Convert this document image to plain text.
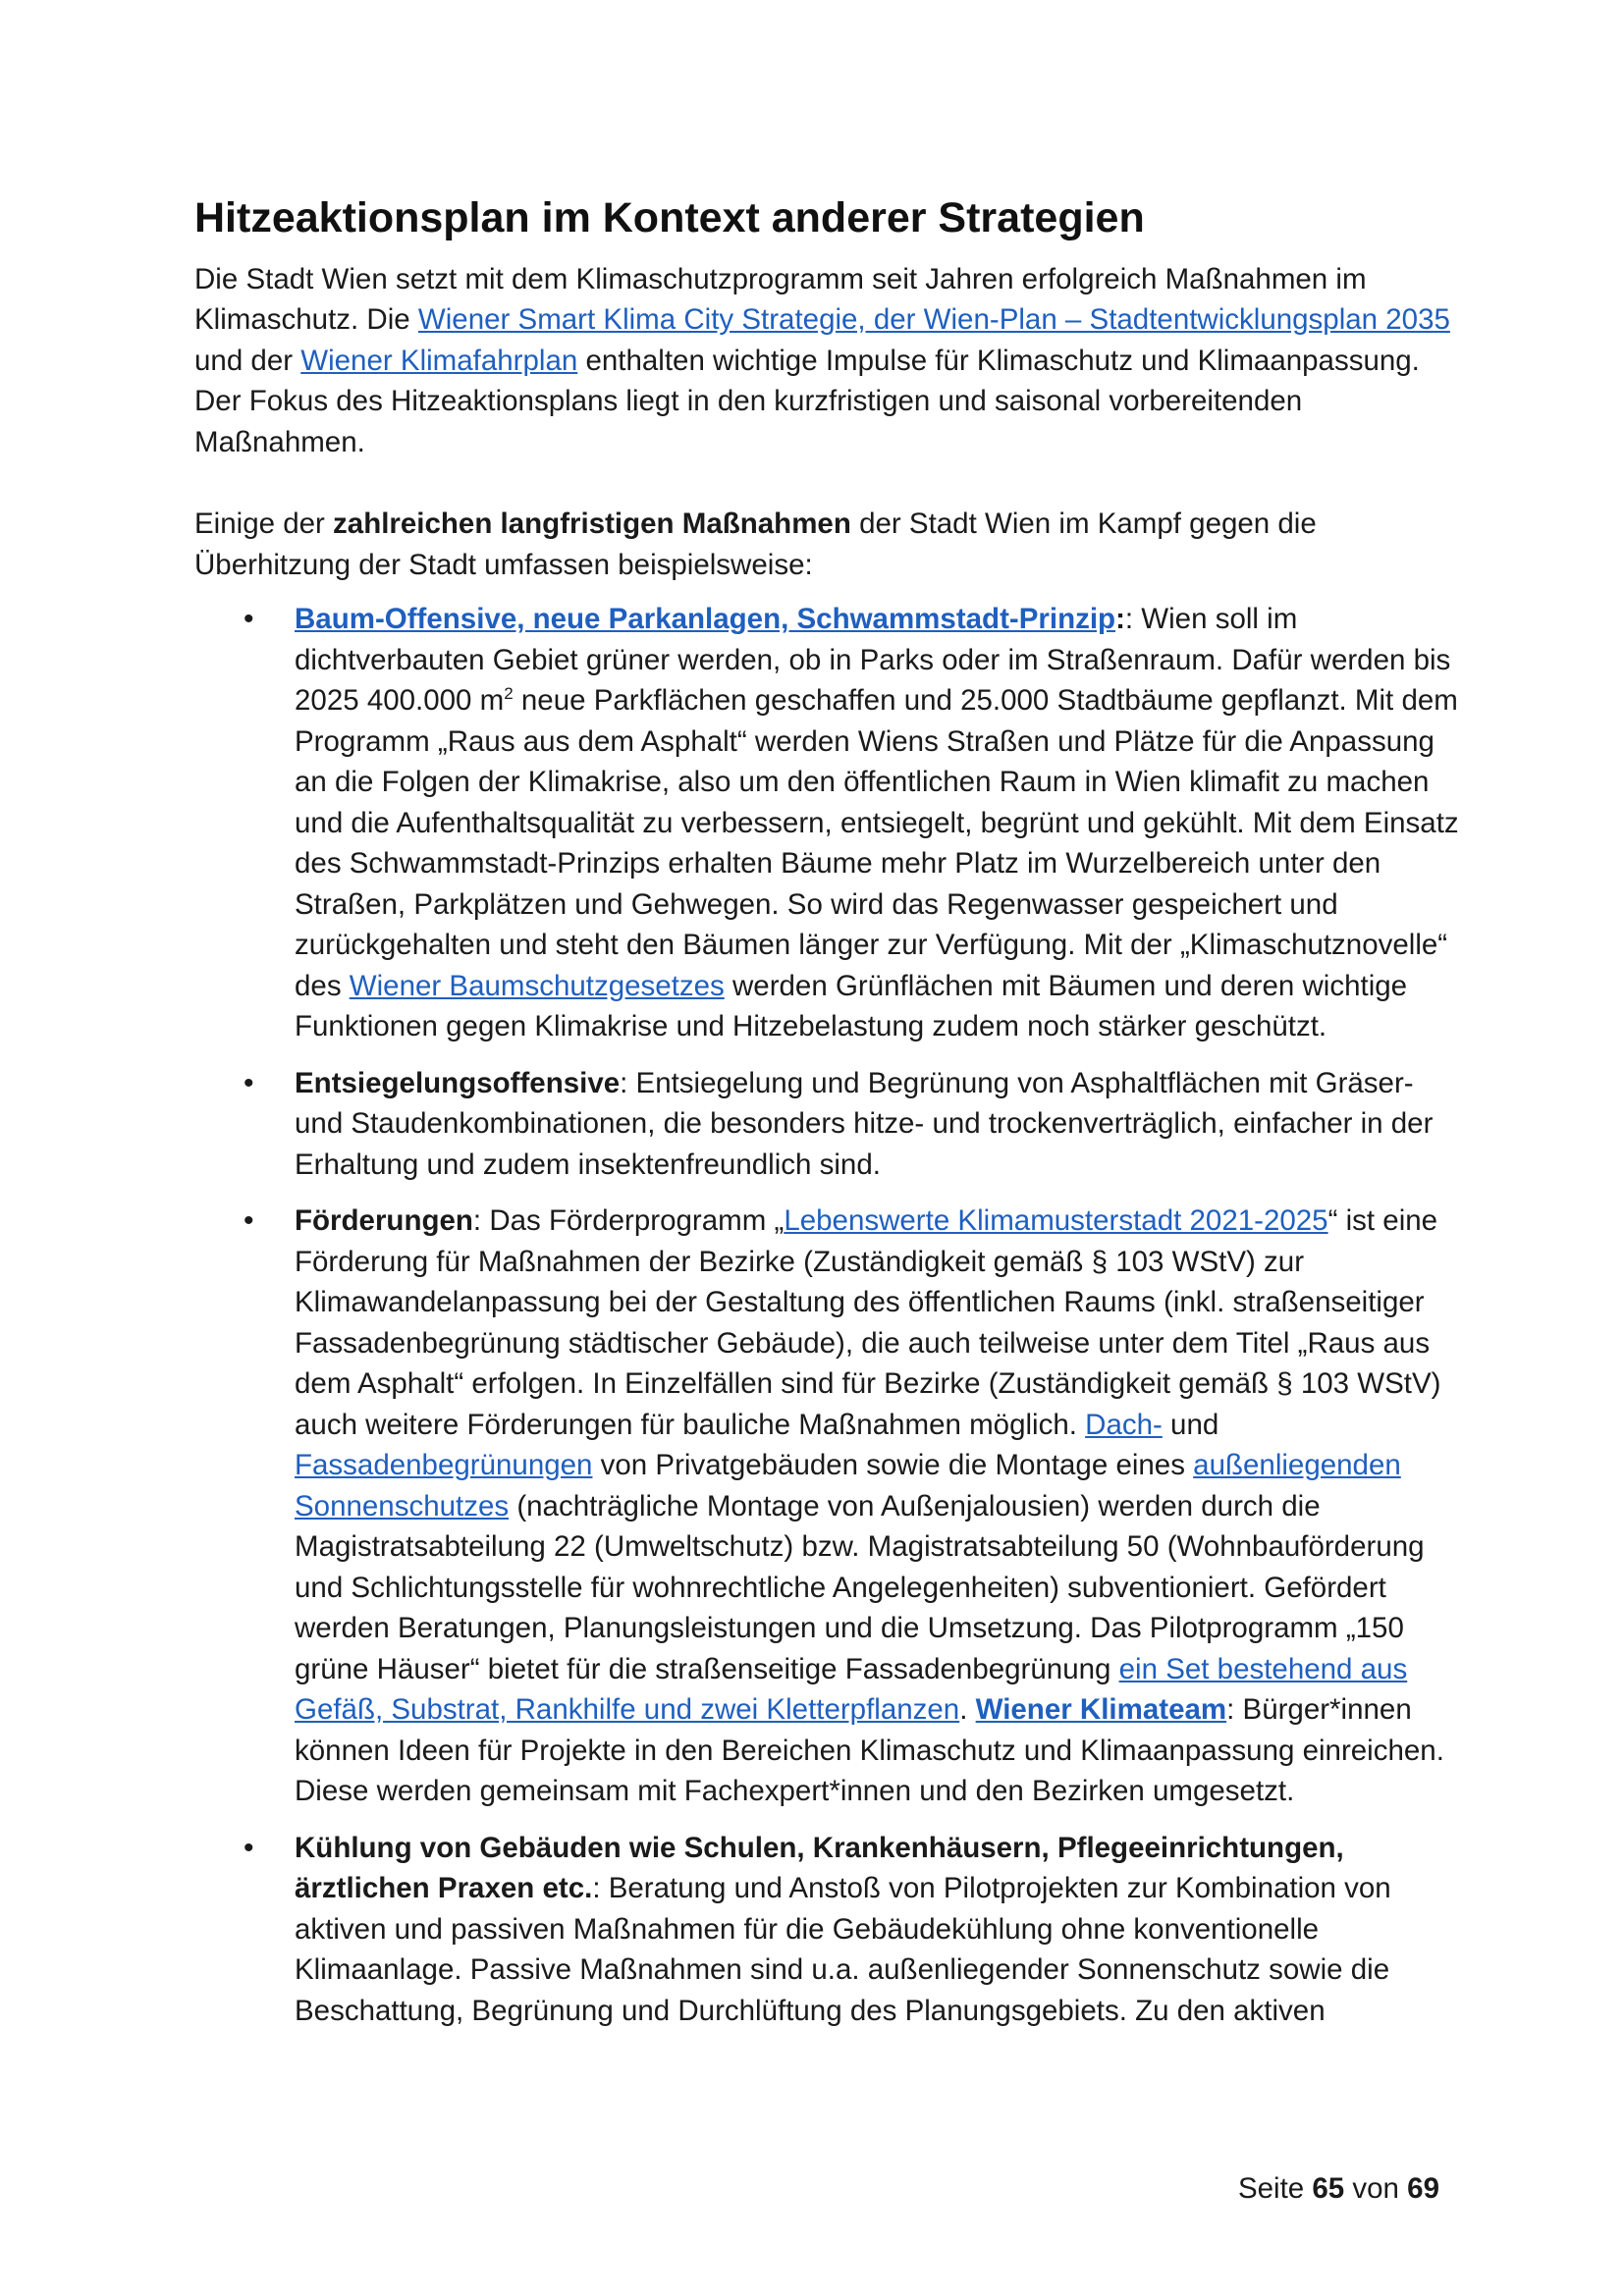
Hitzeaktionsplan im Kontext anderer Strategien

Die Stadt Wien setzt mit dem Klimaschutzprogramm seit Jahren erfolgreich Maßnahmen im Klimaschutz. Die Wiener Smart Klima City Strategie, der Wien-Plan – Stadtentwicklungsplan 2035 und der Wiener Klimafahrplan enthalten wichtige Impulse für Klimaschutz und Klimaanpassung. Der Fokus des Hitzeaktionsplans liegt in den kurzfristigen und saisonal vorbereitenden Maßnahmen.

Einige der zahlreichen langfristigen Maßnahmen der Stadt Wien im Kampf gegen die Überhitzung der Stadt umfassen beispielsweise:

• Baum-Offensive, neue Parkanlagen, Schwammstadt-Prinzip:: Wien soll im dichtverbauten Gebiet grüner werden, ob in Parks oder im Straßenraum. Dafür werden bis 2025 400.000 $m^2$ neue Parkflächen geschaffen und 25.000 Stadtbäume gepflanzt. Mit dem Programm „Raus aus dem Asphalt“ werden Wiens Straßen und Plätze für die Anpassung an die Folgen der Klimakrise, also um den öffentlichen Raum in Wien klimafit zu machen und die Aufenthaltsqualität zu verbessern, entsiegelt, begrünt und gekühlt. Mit dem Einsatz des Schwammstadt-Prinzips erhalten Bäume mehr Platz im Wurzelbereich unter den Straßen, Parkplätzen und Gehwegen. So wird das Regenwasser gespeichert und zurückgehalten und steht den Bäumen länger zur Verfügung. Mit der „Klimaschutznovelle“ des Wiener Baumschutzgesetzes werden Grünflächen mit Bäumen und deren wichtige Funktionen gegen Klimakrise und Hitzebelastung zudem noch stärker geschützt.
• Entsiegelungsoffensive: Entsiegelung und Begrünung von Asphaltflächen mit Gräser- und Staudenkombinationen, die besonders hitze- und trockenverträglich, einfacher in der Erhaltung und zudem insektenfreundlich sind.
• Förderungen: Das Förderprogramm „Lebenswerte Klimamusterstadt 2021-2025“ ist eine Förderung für Maßnahmen der Bezirke (Zuständigkeit gemäß § 103 WStV) zur Klimawandelanpassung bei der Gestaltung des öffentlichen Raums (inkl. straßenseitiger Fassadenbegrünung städtischer Gebäude), die auch teilweise unter dem Titel „Raus aus dem Asphalt“ erfolgen. In Einzelfällen sind für Bezirke (Zuständigkeit gemäß § 103 WStV) auch weitere Förderungen für bauliche Maßnahmen möglich. Dach- und Fassadenbegrünungen von Privatgebäuden sowie die Montage eines außenliegenden Sonnenschutzes (nachträgliche Montage von Außenjalousien) werden durch die Magistratsabteilung 22 (Umweltschutz) bzw. Magistratsabteilung 50 (Wohnbauförderung und Schlichtungsstelle für wohnrechtliche Angelegenheiten) subventioniert. Gefördert werden Beratungen, Planungsleistungen und die Umsetzung. Das Pilotprogramm „150 grüne Häuser“ bietet für die straßenseitige Fassadenbegrünung ein Set bestehend aus Gefäß, Substrat, Rankhilfe und zwei Kletterpflanzen. Wiener Klimateam: Bürger*innen können Ideen für Projekte in den Bereichen Klimaschutz und Klimaanpassung einreichen. Diese werden gemeinsam mit Fachexpert*innen und den Bezirken umgesetzt.
• Kühlung von Gebäuden wie Schulen, Krankenhäusern, Pflegeeinrichtungen, ärztlichen Praxen etc.: Beratung und Anstoß von Pilotprojekten zur Kombination von aktiven und passiven Maßnahmen für die Gebäudekühlung ohne konventionelle Klimaanlage. Passive Maßnahmen sind u.a. außenliegender Sonnenschutz sowie die Beschattung, Begrünung und Durchlüftung des Planungsgebiets. Zu den aktiven
Seite 65 von 69
